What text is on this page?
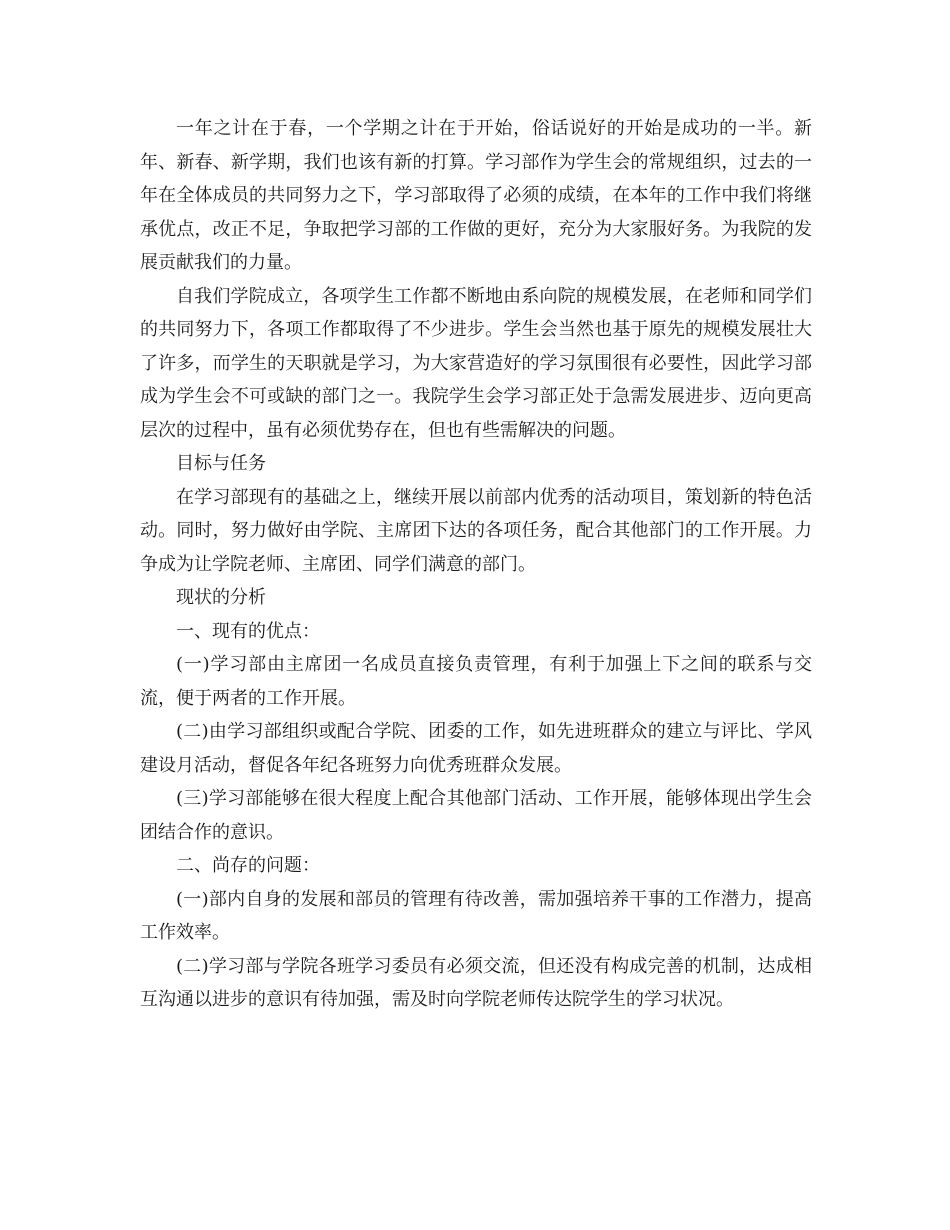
一年之计在于春，一个学期之计在于开始，俗话说好的开始是成功的一半。新年、新春、新学期，我们也该有新的打算。学习部作为学生会的常规组织，过去的一年在全体成员的共同努力之下，学习部取得了必须的成绩，在本年的工作中我们将继承优点，改正不足，争取把学习部的工作做的更好，充分为大家服好务。为我院的发展贡献我们的力量。

自我们学院成立，各项学生工作都不断地由系向院的规模发展，在老师和同学们的共同努力下，各项工作都取得了不少进步。学生会当然也基于原先的规模发展壮大了许多，而学生的天职就是学习，为大家营造好的学习氛围很有必要性，因此学习部成为学生会不可或缺的部门之一。我院学生会学习部正处于急需发展进步、迈向更高层次的过程中，虽有必须优势存在，但也有些需解决的问题。

目标与任务

在学习部现有的基础之上，继续开展以前部内优秀的活动项目，策划新的特色活动。同时，努力做好由学院、主席团下达的各项任务，配合其他部门的工作开展。力争成为让学院老师、主席团、同学们满意的部门。

现状的分析

一、现有的优点：

(一)学习部由主席团一名成员直接负责管理，有利于加强上下之间的联系与交流，便于两者的工作开展。

(二)由学习部组织或配合学院、团委的工作，如先进班群众的建立与评比、学风建设月活动，督促各年纪各班努力向优秀班群众发展。

(三)学习部能够在很大程度上配合其他部门活动、工作开展，能够体现出学生会团结合作的意识。

二、尚存的问题：

(一)部内自身的发展和部员的管理有待改善，需加强培养干事的工作潜力，提高工作效率。

(二)学习部与学院各班学习委员有必须交流，但还没有构成完善的机制，达成相互沟通以进步的意识有待加强，需及时向学院老师传达院学生的学习状况。
